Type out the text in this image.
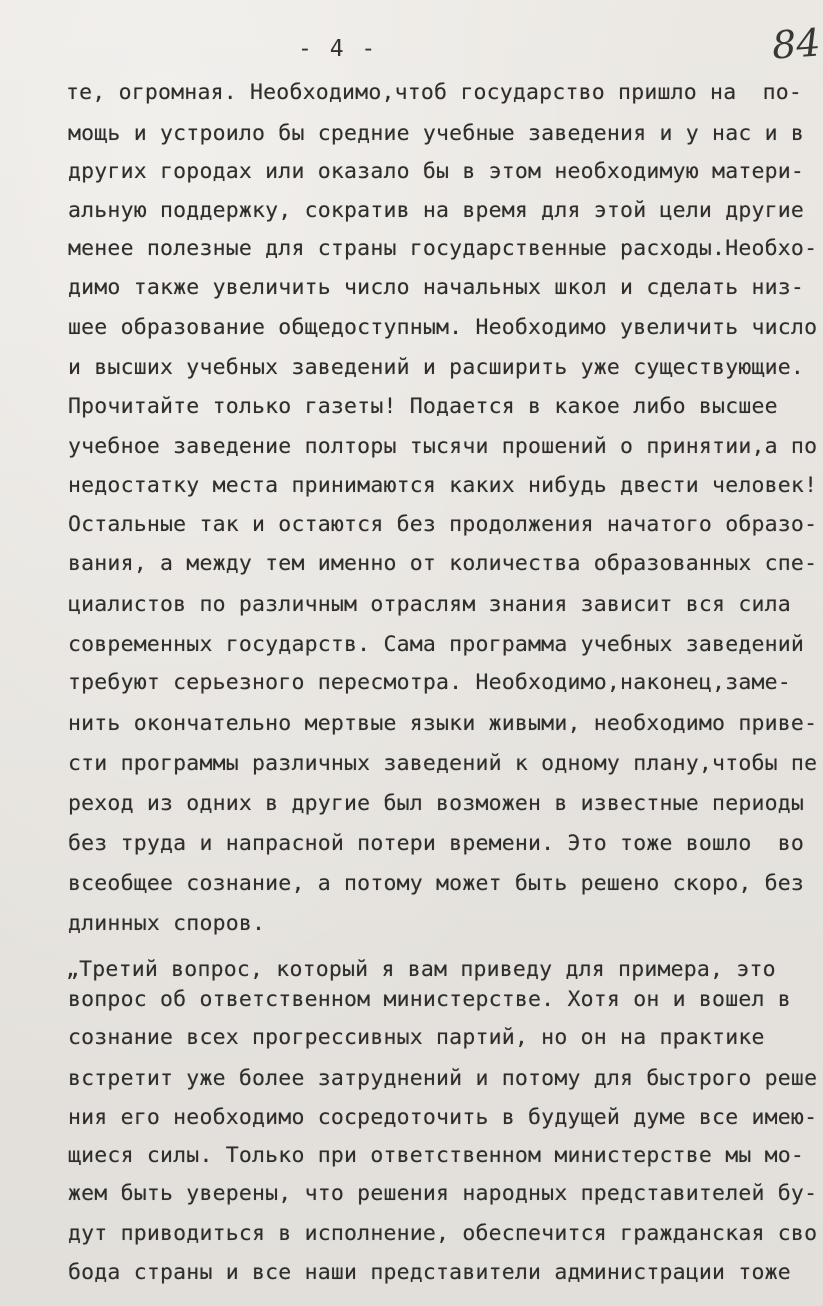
- 4 -	84
те, огромная. Необходимо,чтоб государство пришло на  по-
мощь и устроило бы средние учебные заведения и у нас и в
других городах или оказало бы в этом необходимую матери-
альную поддержку, сократив на время для этой цели другие
менее полезные для страны государственные расходы.Необхо-
димо также увеличить число начальных школ и сделать низ-
шее образование общедоступным. Необходимо увеличить число
и высших учебных заведений и расширить уже существующие.
Прочитайте только газеты! Подается в какое либо высшее
учебное заведение полторы тысячи прошений о принятии,а по
недостатку места принимаются каких нибудь двести человек!
Остальные так и остаются без продолжения начатого образо-
вания, а между тем именно от количества образованных спе-
циалистов по различным отраслям знания зависит вся сила
современных государств. Самa программa учебных заведений
требуют серьезного пересмотра. Необходимо,наконец,заме-
нить окончательно мертвые языки живыми, необходимо приве-
сти программы различных заведений к одному плану,чтобы пе
реход из одних в другие был возможен в известные периоды
без труда и напрасной потери времени. Это тоже вошло  во
всеобщее сознание, а потому может быть решено скоро, без
длинных споров.
„Третий вопрос, который я вам приведу для примера, это
вопрос об ответственном министерстве. Хотя он и вошел в
сознание всех прогрессивных партий, но он на практике
встретит уже более затруднений и потому для быстрого реше
ния его необходимо сосредоточить в будущей думе все имею-
щиеся силы. Только при ответственном министерстве мы мо-
жем быть уверены, что решения народных представителей бу-
дут приводиться в исполнение, обеспечится гражданская сво
бода страны и все наши представители администрации тоже
